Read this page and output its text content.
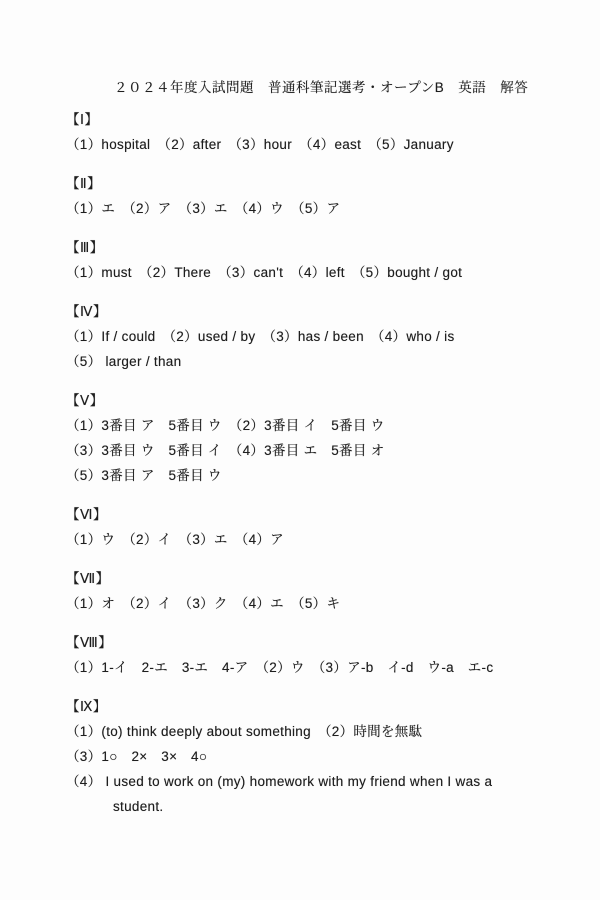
２０２４年度入試問題　普通科筆記選考・オープンB　英語　解答
【Ⅰ】
（1）hospital　（2）after　（3）hour　（4）east　（5）January
【Ⅱ】
（1）エ　（2）ア　（3）エ　（4）ウ　（5）ア
【Ⅲ】
（1）must　（2）There　（3）can't　（4）left　（5）bought / got
【Ⅳ】
（1）If / could　（2）used / by　（3）has / been　（4）who / is
（5） larger / than
【Ⅴ】
（1）3番目 ア　5番目 ウ　（2）3番目 イ　5番目 ウ
（3）3番目 ウ　5番目 イ　（4）3番目 エ　5番目 オ
（5）3番目 ア　5番目 ウ
【Ⅵ】
（1）ウ　（2）イ　（3）エ　（4）ア
【Ⅶ】
（1）オ　（2）イ　（3）ク　（4）エ　（5）キ
【Ⅷ】
（1）1-イ　2-エ　3-エ　4-ア　（2）ウ　（3）ア-b　イ-d　ウ-a　エ-c
【Ⅸ】
（1）(to) think deeply about something　（2）時間を無駄
（3）1○　2×　3×　4○
（4） I used to work on (my) homework with my friend when I was a
student.
